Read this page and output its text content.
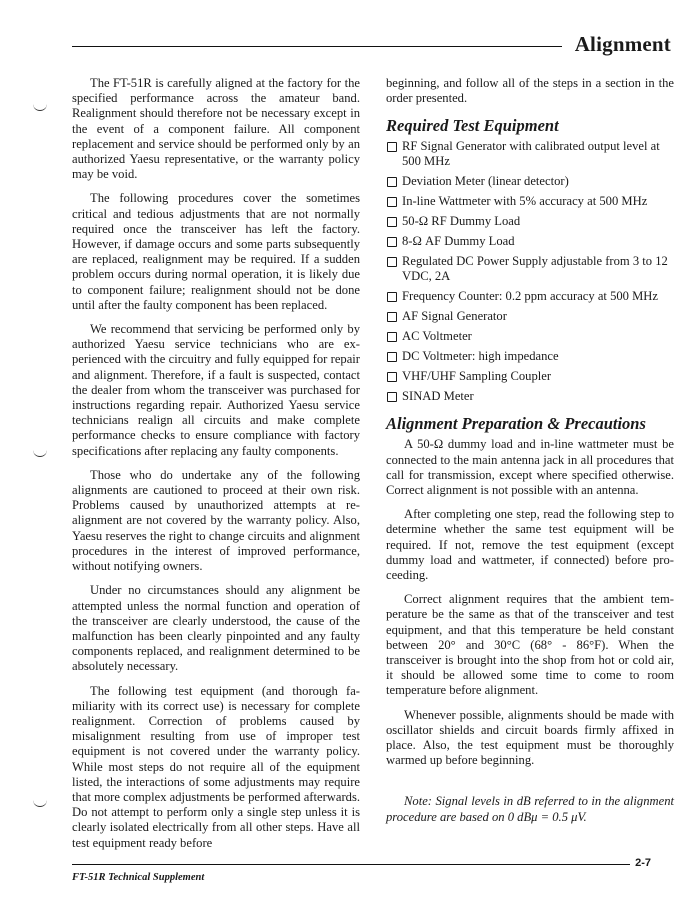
Alignment

The FT-51R is carefully aligned at the factory for the specified performance across the amateur band. Realignment should therefore not be necessary except in the event of a component failure. All component replacement and service should be performed only by an authorized Yaesu representative, or the warranty policy may be void.

The following procedures cover the sometimes critical and tedious adjustments that are not normally required once the transceiver has left the factory. However, if damage occurs and some parts subsequently are replaced, realignment may be required. If a sudden problem occurs during normal operation, it is likely due to component failure; realignment should not be done until after the faulty component has been replaced.

We recommend that servicing be performed only by authorized Yaesu service technicians who are experienced with the circuitry and fully equipped for repair and alignment. Therefore, if a fault is suspected, contact the dealer from whom the transceiver was purchased for instructions regarding repair. Authorized Yaesu service technicians realign all circuits and make complete performance checks to ensure compliance with factory specifications after replacing any faulty components.

Those who do undertake any of the following alignments are cautioned to proceed at their own risk. Problems caused by unauthorized attempts at realignment are not covered by the warranty policy. Also, Yaesu reserves the right to change circuits and alignment procedures in the interest of improved performance, without notifying owners.

Under no circumstances should any alignment be attempted unless the normal function and operation of the transceiver are clearly understood, the cause of the malfunction has been clearly pinpointed and any faulty components replaced, and realignment determined to be absolutely necessary.

The following test equipment (and thorough familiarity with its correct use) is necessary for complete realignment. Correction of problems caused by misalignment resulting from use of improper test equipment is not covered under the warranty policy. While most steps do not require all of the equipment listed, the interactions of some adjustments may require that more complex adjustments be performed afterwards. Do not attempt to perform only a single step unless it is clearly isolated electrically from all other steps. Have all test equipment ready before

beginning, and follow all of the steps in a section in the order presented.

Required Test Equipment
RF Signal Generator with calibrated output level at 500 MHz
Deviation Meter (linear detector)
In-line Wattmeter with 5% accuracy at 500 MHz
50-Ω RF Dummy Load
8-Ω AF Dummy Load
Regulated DC Power Supply adjustable from 3 to 12 VDC, 2A
Frequency Counter: 0.2 ppm accuracy at 500 MHz
AF Signal Generator
AC Voltmeter
DC Voltmeter: high impedance
VHF/UHF Sampling Coupler
SINAD Meter
Alignment Preparation & Precautions

A 50-Ω dummy load and in-line wattmeter must be connected to the main antenna jack in all procedures that call for transmission, except where specified otherwise. Correct alignment is not possible with an antenna.

After completing one step, read the following step to determine whether the same test equipment will be required. If not, remove the test equipment (except dummy load and wattmeter, if connected) before proceeding.

Correct alignment requires that the ambient temperature be the same as that of the transceiver and test equipment, and that this temperature be held constant between 20° and 30°C (68° - 86°F). When the transceiver is brought into the shop from hot or cold air, it should be allowed some time to come to room temperature before alignment.

Whenever possible, alignments should be made with oscillator shields and circuit boards firmly affixed in place. Also, the test equipment must be thoroughly warmed up before beginning.

Note: Signal levels in dB referred to in the alignment procedure are based on 0 dBμ = 0.5 μV.

2-7
FT-51R Technical Supplement
